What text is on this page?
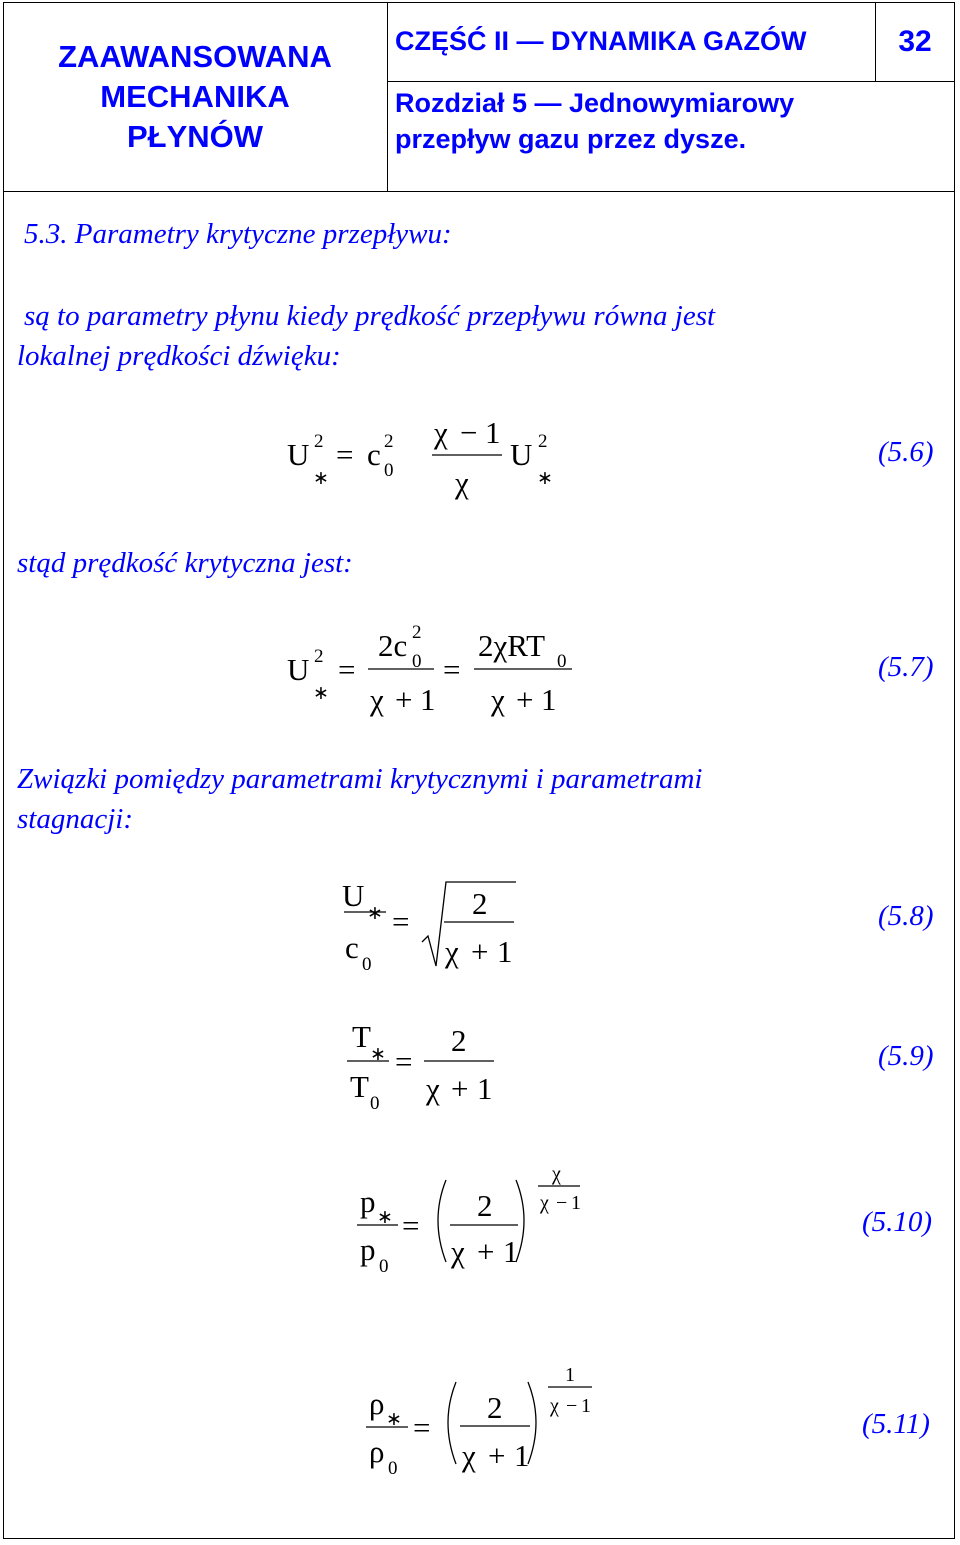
ZAAWANSOWANA
MECHANIKA
PŁYNÓW
CZĘŚĆ II — DYNAMIKA GAZÓW	32
Rozdział 5 — Jednowymiarowy
przepływ gazu przez dysze.
5.3. Parametry krytyczne przepływu:
są to parametry płynu kiedy prędkość przepływu równa jest
lokalnej prędkości dźwięku:
stąd prędkość krytyczna jest:
Związki pomiędzy parametrami krytycznymi i parametrami
stagnacji:
(5.6)
(5.7)
(5.8)
(5.9)
(5.10)
(5.11)
U 2
∗
= c 2
0
χ − 1
χ
U 2
∗
U 2
∗
=
2c 2
0
χ + 1
=
2χRT 0
χ + 1
U
∗
c 0
=
2
χ + 1
T
∗
T 0
=
2
χ + 1
p ∗
p 0
=
2
χ + 1
χ
χ − 1
ρ ∗
ρ 0
=
2
χ + 1
1
χ − 1
